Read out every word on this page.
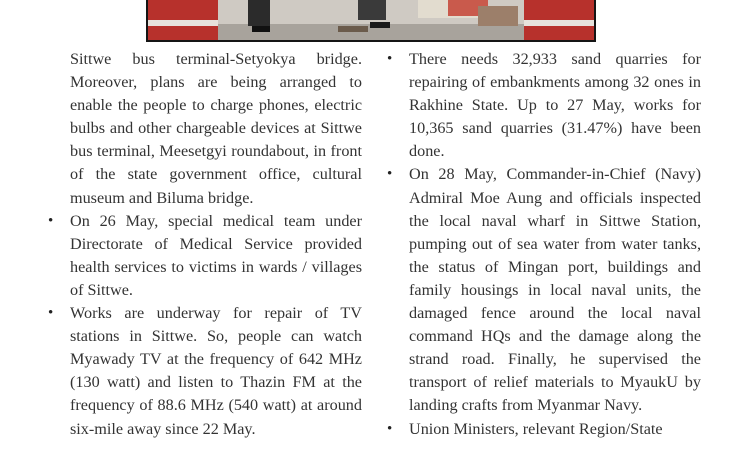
Sittwe bus terminal-Setyokya bridge. Moreover, plans are being arranged to enable the people to charge phones, electric bulbs and other chargeable devices at Sittwe bus terminal, Meesetgyi roundabout, in front of the state government office, cultural museum and Biluma bridge.

• On 26 May, special medical team under Directorate of Medical Service provided health services to victims in wards / villages of Sittwe.
• Works are underway for repair of TV stations in Sittwe. So, people can watch Myawady TV at the frequency of 642 MHz (130 watt) and listen to Thazin FM at the frequency of 88.6 MHz (540 watt) at around six-mile away since 22 May.
• There needs 32,933 sand quarries for repairing of embankments among 32 ones in Rakhine State. Up to 27 May, works for 10,365 sand quarries (31.47%) have been done.
• On 28 May, Commander-in-Chief (Navy) Admiral Moe Aung and officials inspected the local naval wharf in Sittwe Station, pumping out of sea water from water tanks, the status of Mingan port, buildings and family housings in local naval units, the damaged fence around the local naval command HQs and the damage along the strand road. Finally, he supervised the transport of relief materials to MyaukU by landing crafts from Myanmar Navy.
• Union Ministers, relevant Region/State
